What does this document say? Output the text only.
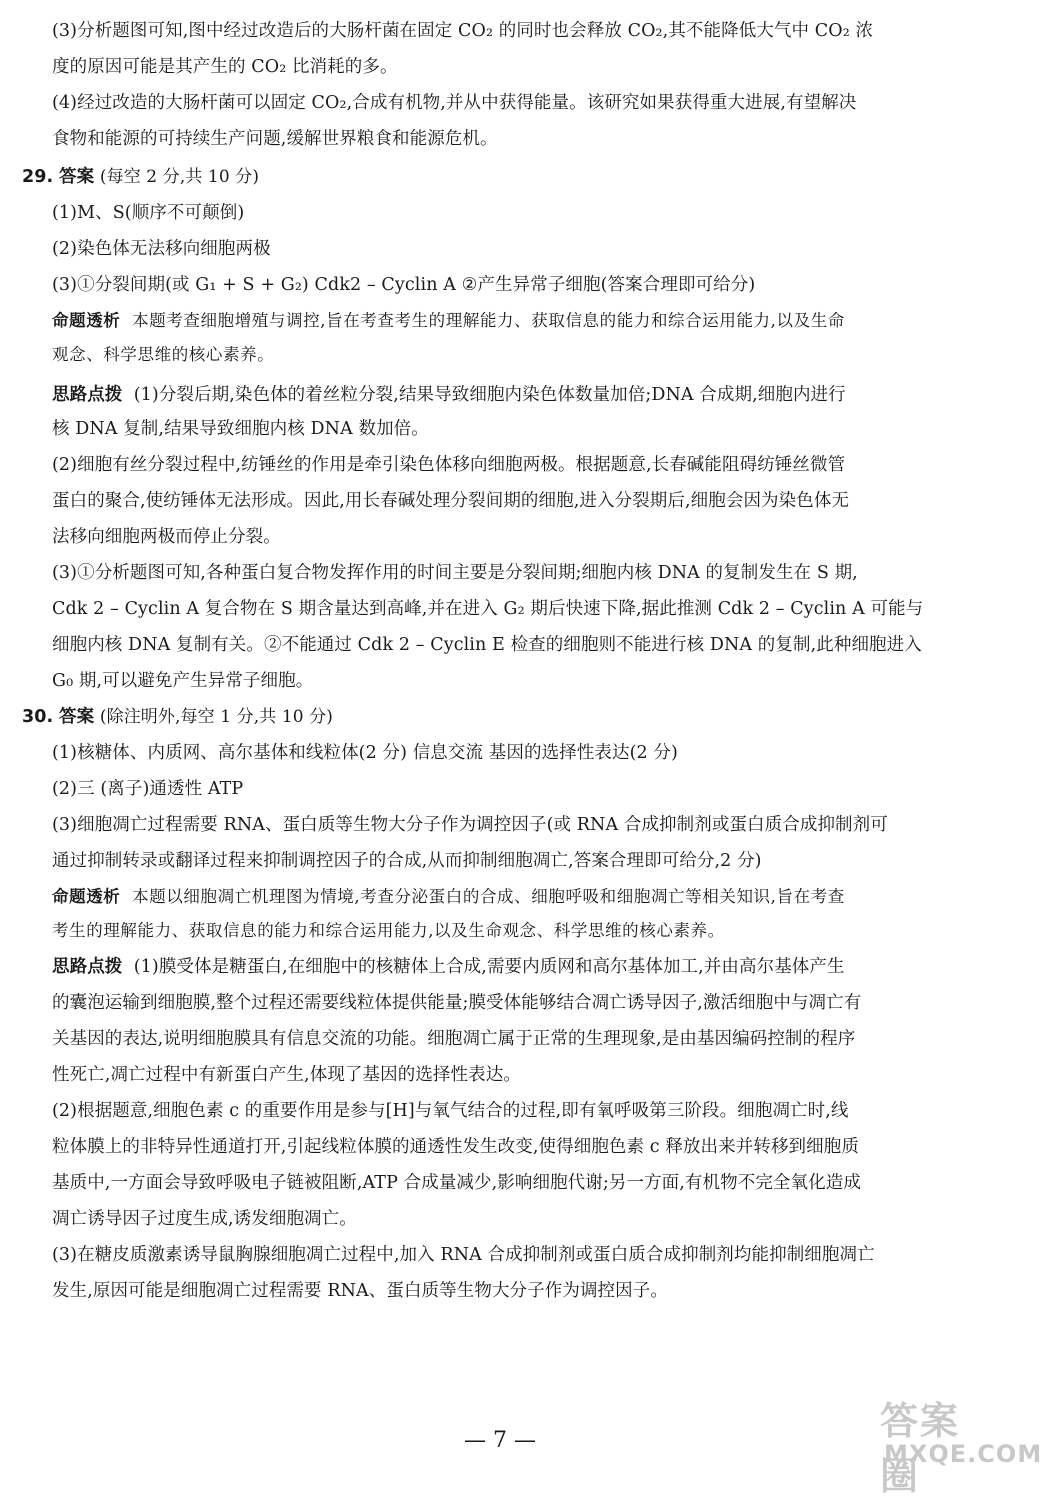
(3)分析题图可知,图中经过改造后的大肠杆菌在固定 CO₂ 的同时也会释放 CO₂,其不能降低大气中 CO₂ 浓
度的原因可能是其产生的 CO₂ 比消耗的多。
(4)经过改造的大肠杆菌可以固定 CO₂,合成有机物,并从中获得能量。该研究如果获得重大进展,有望解决
食物和能源的可持续生产问题,缓解世界粮食和能源危机。
29. 答案 (每空 2 分,共 10 分)
(1)M、S(顺序不可颠倒)
(2)染色体无法移向细胞两极
(3)①分裂间期(或 G₁ + S + G₂) Cdk2 – Cyclin A ②产生异常子细胞(答案合理即可给分)
命题透析 本题考查细胞增殖与调控,旨在考查考生的理解能力、获取信息的能力和综合运用能力,以及生命
观念、科学思维的核心素养。
思路点拨 (1)分裂后期,染色体的着丝粒分裂,结果导致细胞内染色体数量加倍;DNA 合成期,细胞内进行
核 DNA 复制,结果导致细胞内核 DNA 数加倍。
(2)细胞有丝分裂过程中,纺锤丝的作用是牵引染色体移向细胞两极。根据题意,长春碱能阻碍纺锤丝微管
蛋白的聚合,使纺锤体无法形成。因此,用长春碱处理分裂间期的细胞,进入分裂期后,细胞会因为染色体无
法移向细胞两极而停止分裂。
(3)①分析题图可知,各种蛋白复合物发挥作用的时间主要是分裂间期;细胞内核 DNA 的复制发生在 S 期,
Cdk 2 – Cyclin A 复合物在 S 期含量达到高峰,并在进入 G₂ 期后快速下降,据此推测 Cdk 2 – Cyclin A 可能与
细胞内核 DNA 复制有关。②不能通过 Cdk 2 – Cyclin E 检查的细胞则不能进行核 DNA 的复制,此种细胞进入
G₀ 期,可以避免产生异常子细胞。
30. 答案 (除注明外,每空 1 分,共 10 分)
(1)核糖体、内质网、高尔基体和线粒体(2 分) 信息交流 基因的选择性表达(2 分)
(2)三 (离子)通透性 ATP
(3)细胞凋亡过程需要 RNA、蛋白质等生物大分子作为调控因子(或 RNA 合成抑制剂或蛋白质合成抑制剂可
通过抑制转录或翻译过程来抑制调控因子的合成,从而抑制细胞凋亡,答案合理即可给分,2 分)
命题透析 本题以细胞凋亡机理图为情境,考查分泌蛋白的合成、细胞呼吸和细胞凋亡等相关知识,旨在考查
考生的理解能力、获取信息的能力和综合运用能力,以及生命观念、科学思维的核心素养。
思路点拨 (1)膜受体是糖蛋白,在细胞中的核糖体上合成,需要内质网和高尔基体加工,并由高尔基体产生
的囊泡运输到细胞膜,整个过程还需要线粒体提供能量;膜受体能够结合凋亡诱导因子,激活细胞中与凋亡有
关基因的表达,说明细胞膜具有信息交流的功能。细胞凋亡属于正常的生理现象,是由基因编码控制的程序
性死亡,凋亡过程中有新蛋白产生,体现了基因的选择性表达。
(2)根据题意,细胞色素 c 的重要作用是参与[H]与氧气结合的过程,即有氧呼吸第三阶段。细胞凋亡时,线
粒体膜上的非特异性通道打开,引起线粒体膜的通透性发生改变,使得细胞色素 c 释放出来并转移到细胞质
基质中,一方面会导致呼吸电子链被阻断,ATP 合成量减少,影响细胞代谢;另一方面,有机物不完全氧化造成
凋亡诱导因子过度生成,诱发细胞凋亡。
(3)在糖皮质激素诱导鼠胸腺细胞凋亡过程中,加入 RNA 合成抑制剂或蛋白质合成抑制剂均能抑制细胞凋亡
发生,原因可能是细胞凋亡过程需要 RNA、蛋白质等生物大分子作为调控因子。
答案圈
MXQE.COM
— 7 —
